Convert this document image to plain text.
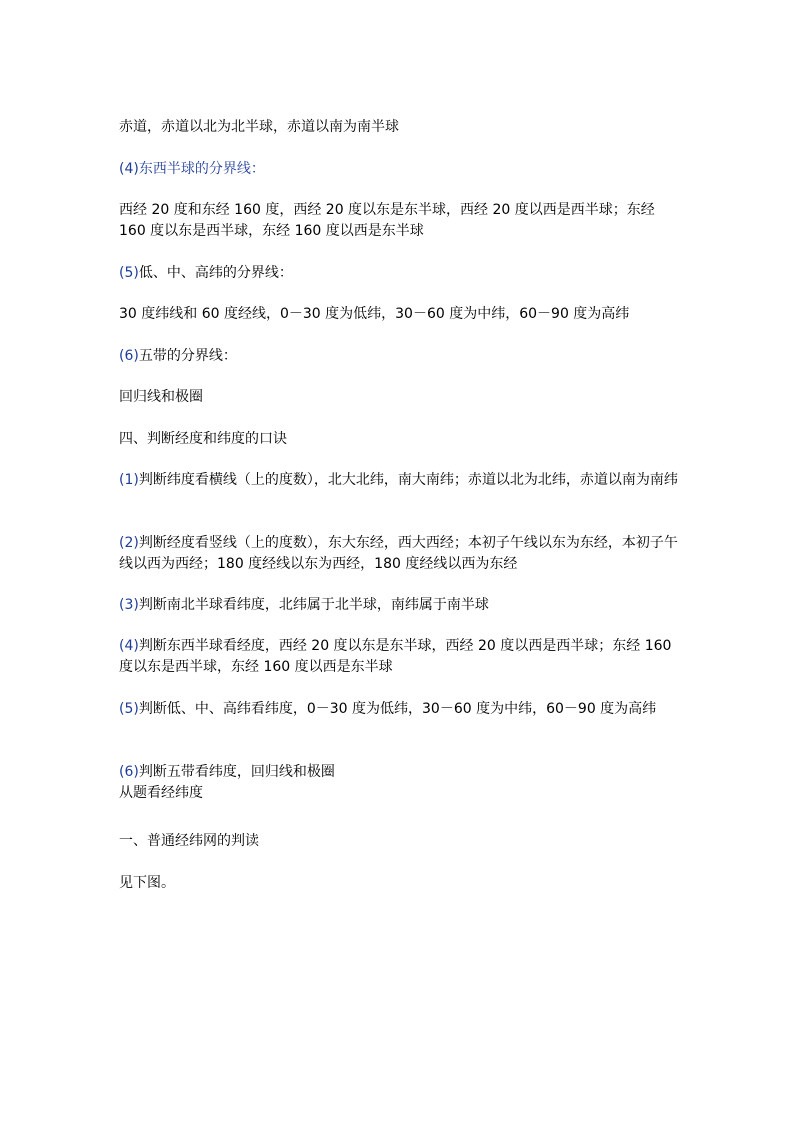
赤道，赤道以北为北半球，赤道以南为南半球
(4)东西半球的分界线：
西经 20 度和东经 160 度，西经 20 度以东是东半球，西经 20 度以西是西半球；东经 160 度以东是西半球，东经 160 度以西是东半球
(5)低、中、高纬的分界线：
30 度纬线和 60 度经线，0－30 度为低纬，30－60 度为中纬，60－90 度为高纬
(6)五带的分界线：
回归线和极圈
四、判断经度和纬度的口诀
(1)判断纬度看横线（上的度数），北大北纬，南大南纬；赤道以北为北纬，赤道以南为南纬
(2)判断经度看竖线（上的度数），东大东经，西大西经；本初子午线以东为东经，本初子午线以西为西经；180 度经线以东为西经，180 度经线以西为东经
(3)判断南北半球看纬度，北纬属于北半球，南纬属于南半球
(4)判断东西半球看经度，西经 20 度以东是东半球，西经 20 度以西是西半球；东经 160 度以东是西半球，东经 160 度以西是东半球
(5)判断低、中、高纬看纬度，0－30 度为低纬，30－60 度为中纬，60－90 度为高纬
(6)判断五带看纬度，回归线和极圈
从题看经纬度
一、普通经纬网的判读
见下图。
